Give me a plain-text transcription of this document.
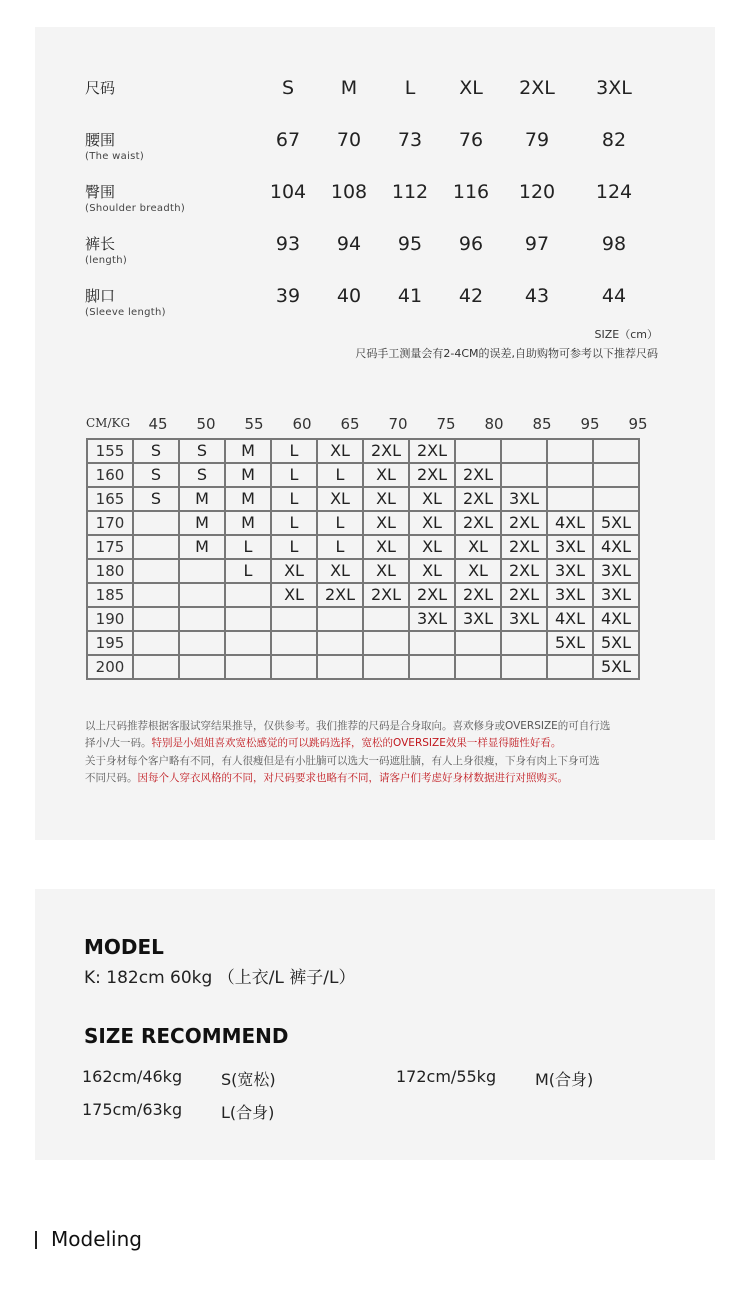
尺码	S	M	L	XL	2XL	3XL
腰围
(The waist)
67	70	73	76	79	82
臀围
(Shoulder breadth)
104	108	112	116	120	124
裤长
(length)
93	94	95	96	97	98
脚口
(Sleeve length)
39	40	41	42	43	44
SIZE（cm）
尺码手工测量会有2-4CM的误差,自助购物可参考以下推荐尺码
CM/KG	45	50	55	60	65	70	75	80	85	95	95
155	S	S	M	L	XL	2XL	2XL				
160	S	S	M	L	L	XL	2XL	2XL			
165	S	M	M	L	XL	XL	XL	2XL	3XL		
170		M	M	L	L	XL	XL	2XL	2XL	4XL	5XL
175		M	L	L	L	XL	XL	XL	2XL	3XL	4XL
180			L	XL	XL	XL	XL	XL	2XL	3XL	3XL
185				XL	2XL	2XL	2XL	2XL	2XL	3XL	3XL
190							3XL	3XL	3XL	4XL	4XL
195										5XL	5XL
200											5XL
以上尺码推荐根据客服试穿结果推导，仅供参考。我们推荐的尺码是合身取向。喜欢修身或OVERSIZE的可自行选
择小/大一码。特别是小姐姐喜欢宽松感觉的可以跳码选择，宽松的OVERSIZE效果一样显得随性好看。
关于身材每个客户略有不同，有人很瘦但是有小肚腩可以选大一码遮肚腩，有人上身很瘦，下身有肉上下身可选
不同尺码。因每个人穿衣风格的不同，对尺码要求也略有不同，请客户们考虑好身材数据进行对照购买。
MODEL
K: 182cm 60kg （上衣/L 裤子/L）
SIZE RECOMMEND
162cm/46kg S(宽松)	172cm/55kg M(合身)
175cm/63kg L(合身)
Modeling
